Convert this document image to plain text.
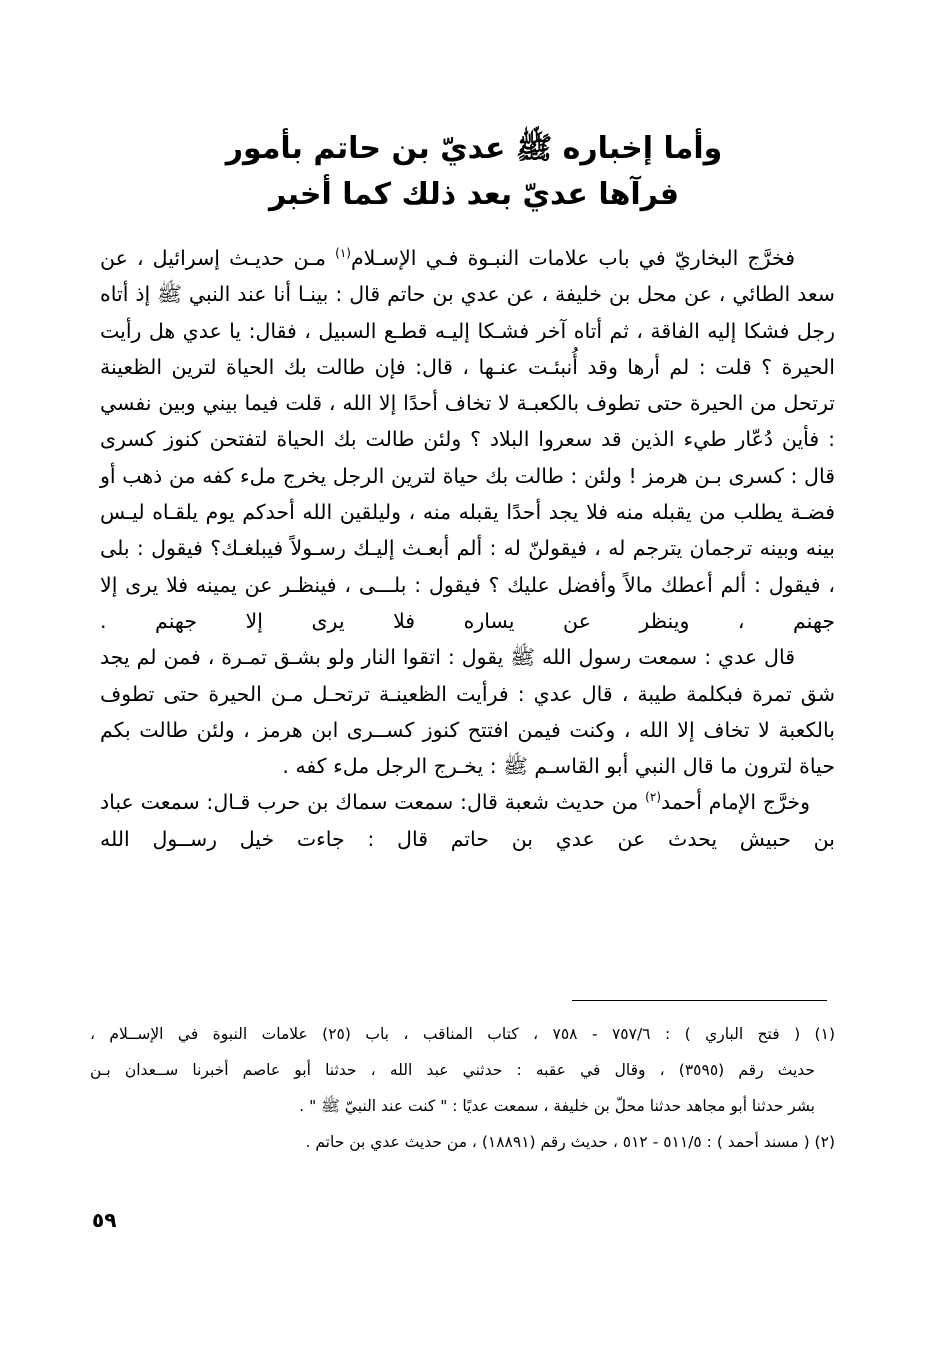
وأما إخباره ﷺ عديّ بن حاتم بأمور
فرآها عديّ بعد ذلك كما أخبر

فخرَّج البخاريّ في باب علامات النبـوة فـي الإسـلام$^{(١)}$ مـن حديـث إسرائيل ، عن سعد الطائي ، عن محل بن خليفة ، عن عدي بن حاتم قال : بينـا أنا عند النبي ﷺ إذ أتاه رجل فشكا إليه الفاقة ، ثم أتاه آخر فشـكا إليـه قطـع السبيل ، فقال: يا عدي هل رأيت الحيرة ؟ قلت : لم أرها وقد أُنبئـت عنـها ، قال: فإن طالت بك الحياة لترين الظعينة ترتحل من الحيرة حتى تطوف بالكعبـة لا تخاف أحدًا إلا الله ، قلت فيما بيني وبين نفسي : فأين دُعّار طيء الذين قد سعروا البلاد ؟ ولئن طالت بك الحياة لتفتحن كنوز كسرى قال : كسرى بـن هرمز ! ولئن : طالت بك حياة لترين الرجل يخرج ملء كفه من ذهب أو فضـة يطلب من يقبله منه فلا يجد أحدًا يقبله منه ، وليلقين الله أحدكم يوم يلقـاه ليـس بينه وبينه ترجمان يترجم له ، فيقولنّ له : ألم أبعـث إليـك رسـولاً فيبلغـك؟ فيقول : بلى ، فيقول : ألم أعطك مالاً وأفضل عليك ؟ فيقول : بلـــى ، فينظـر عن يمينه فلا يرى إلا جهنم ، وينظر عن يساره فلا يرى إلا جهنم .

قال عدي : سمعت رسول الله ﷺ يقول : اتقوا النار ولو بشـق تمـرة ، فمن لم يجد شق تمرة فبكلمة طيبة ، قال عدي : فرأيت الظعينـة ترتحـل مـن الحيرة حتى تطوف بالكعبة لا تخاف إلا الله ، وكنت فيمن افتتح كنوز كســرى ابن هرمز ، ولئن طالت بكم حياة لترون ما قال النبي أبو القاسـم ﷺ : يخـرج الرجل ملء كفه .

وخرَّج الإمام أحمد$^{(٢)}$ من حديث شعبة قال: سمعت سماك بن حرب قـال: سمعت عباد بن حبيش يحدث عن عدي بن حاتم قال : جاءت خيل رســول الله

(١) ( فتح الباري ) : ٧٥٧/٦ - ٧٥٨ ، كتاب المناقب ، باب (٢٥) علامات النبوة في الإســلام ،

حديث رقم (٣٥٩٥) ، وقال في عقبه : حدثني عبد الله ، حدثنا أبو عاصم أخبرنا ســعدان بـن

بشر حدثنا أبو مجاهد حدثنا محلّ بن خليفة ، سمعت عديًا : " كنت عند النبيّ ﷺ " .

(٢) ( مسند أحمد ) : ٥١١/٥ - ٥١٢ ، حديث رقم (١٨٨٩١) ، من حديث عدي بن حاتم .

٥٩
